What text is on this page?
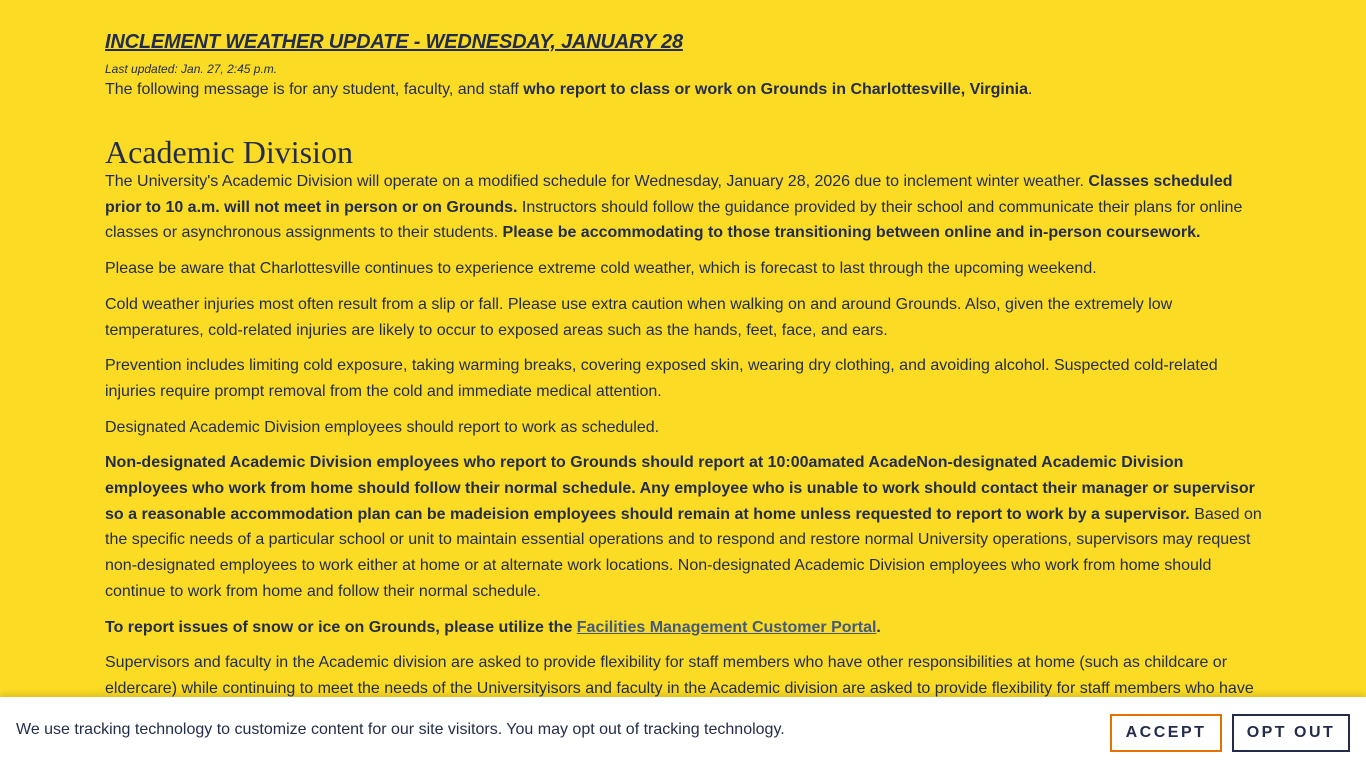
INCLEMENT WEATHER UPDATE - WEDNESDAY, JANUARY 28

Last updated: Jan. 27, 2:45 p.m.

The following message is for any student, faculty, and staff who report to class or work on Grounds in Charlottesville, Virginia.

Academic Division

The University's Academic Division will operate on a modified schedule for Wednesday, January 28, 2026 due to inclement winter weather. Classes scheduled prior to 10 a.m. will not meet in person or on Grounds. Instructors should follow the guidance provided by their school and communicate their plans for online classes or asynchronous assignments to their students. Please be accommodating to those transitioning between online and in-person coursework.

Please be aware that Charlottesville continues to experience extreme cold weather, which is forecast to last through the upcoming weekend.

Cold weather injuries most often result from a slip or fall. Please use extra caution when walking on and around Grounds. Also, given the extremely low temperatures, cold-related injuries are likely to occur to exposed areas such as the hands, feet, face, and ears.

Prevention includes limiting cold exposure, taking warming breaks, covering exposed skin, wearing dry clothing, and avoiding alcohol. Suspected cold-related injuries require prompt removal from the cold and immediate medical attention.

Designated Academic Division employees should report to work as scheduled.

Non-designated Academic Division employees who report to Grounds should report at 10:00amated AcadeNon-designated Academic Division employees who work from home should follow their normal schedule. Any employee who is unable to work should contact their manager or supervisor so a reasonable accommodation plan can be madeision employees should remain at home unless requested to report to work by a supervisor. Based on the specific needs of a particular school or unit to maintain essential operations and to respond and restore normal University operations, supervisors may request non-designated employees to work either at home or at alternate work locations. Non-designated Academic Division employees who work from home should continue to work from home and follow their normal schedule.

To report issues of snow or ice on Grounds, please utilize the Facilities Management Customer Portal.

Supervisors and faculty in the Academic division are asked to provide flexibility for staff members who have other responsibilities at home (such as childcare or eldercare) while continuing to meet the needs of the Universityisors and faculty in the Academic division are asked to provide flexibility for staff members who have

We use tracking technology to customize content for our site visitors. You may opt out of tracking technology.	ACCEPT	OPT OUT
